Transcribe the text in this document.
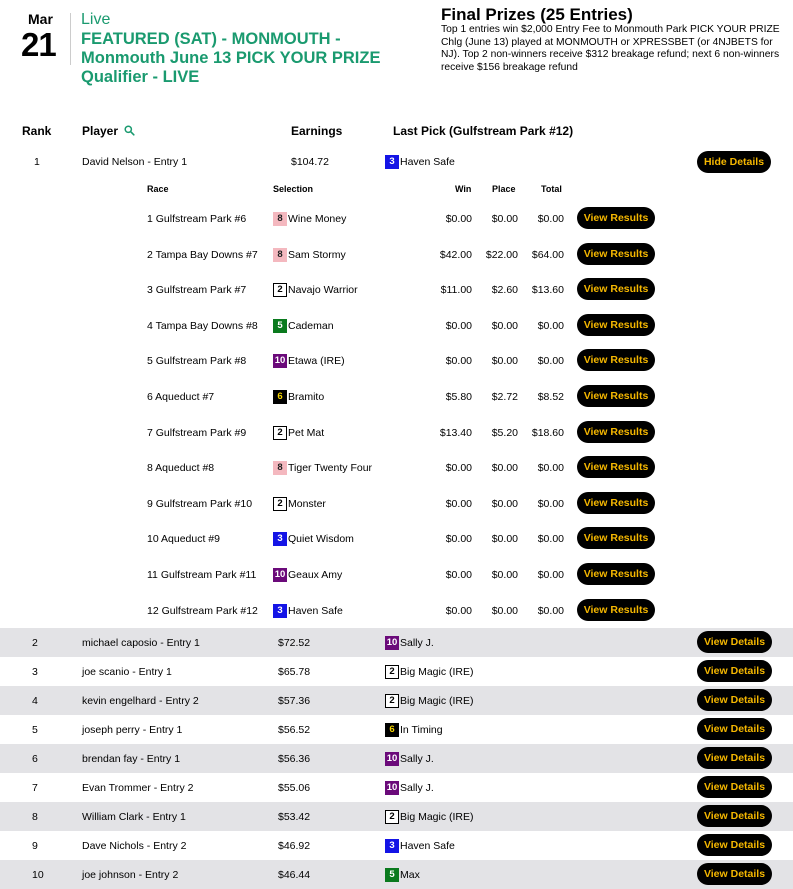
Mar
21
Live
FEATURED (SAT) - MONMOUTH - Monmouth June 13 PICK YOUR PRIZE Qualifier - LIVE
Final Prizes (25 Entries)
Top 1 entries win $2,000 Entry Fee to Monmouth Park PICK YOUR PRIZE Chlg (June 13) played at MONMOUTH or XPRESSBET (or 4NJBETS for NJ). Top 2 non-winners receive $312 breakage refund; next 6 non-winners receive $156 breakage refund
Rank	Player	Earnings	Last Pick (Gulfstream Park #12)
1	David Nelson - Entry 1	$104.72	3 Haven Safe	Hide Details
Race	Selection	Win Place	Total
1 Gulfstream Park #6	8 Wine Money	$0.00 $0.00 $0.00	View Results
2 Tampa Bay Downs #7	8 Sam Stormy	$42.00 $22.00 $64.00	View Results
3 Gulfstream Park #7	2 Navajo Warrior	$11.00 $2.60 $13.60	View Results
4 Tampa Bay Downs #8	5 Cademan	$0.00 $0.00 $0.00	View Results
5 Gulfstream Park #8	10 Etawa (IRE)	$0.00 $0.00 $0.00	View Results
6 Aqueduct #7	6 Bramito	$5.80 $2.72 $8.52	View Results
7 Gulfstream Park #9	2 Pet Mat	$13.40 $5.20 $18.60	View Results
8 Aqueduct #8	8 Tiger Twenty Four	$0.00 $0.00 $0.00	View Results
9 Gulfstream Park #10	2 Monster	$0.00 $0.00 $0.00	View Results
10 Aqueduct #9	3 Quiet Wisdom	$0.00 $0.00 $0.00	View Results
11 Gulfstream Park #11 10 Geaux Amy	$0.00 $0.00 $0.00	View Results
12 Gulfstream Park #12	3 Haven Safe	$0.00 $0.00 $0.00	View Results
2	michael caposio - Entry 1	$72.52	10 Sally J.	View Details
3	joe scanio - Entry 1	$65.78	2 Big Magic (IRE)	View Details
4	kevin engelhard - Entry 2	$57.36	2 Big Magic (IRE)	View Details
5	joseph perry - Entry 1	$56.52	6 In Timing	View Details
6	brendan fay - Entry 1	$56.36	10 Sally J.	View Details
7	Evan Trommer - Entry 2	$55.06	10 Sally J.	View Details
8	William Clark - Entry 1	$53.42	2 Big Magic (IRE)	View Details
9	Dave Nichols - Entry 2	$46.92	3 Haven Safe	View Details
10	joe johnson - Entry 2	$46.44	5 Max	View Details
